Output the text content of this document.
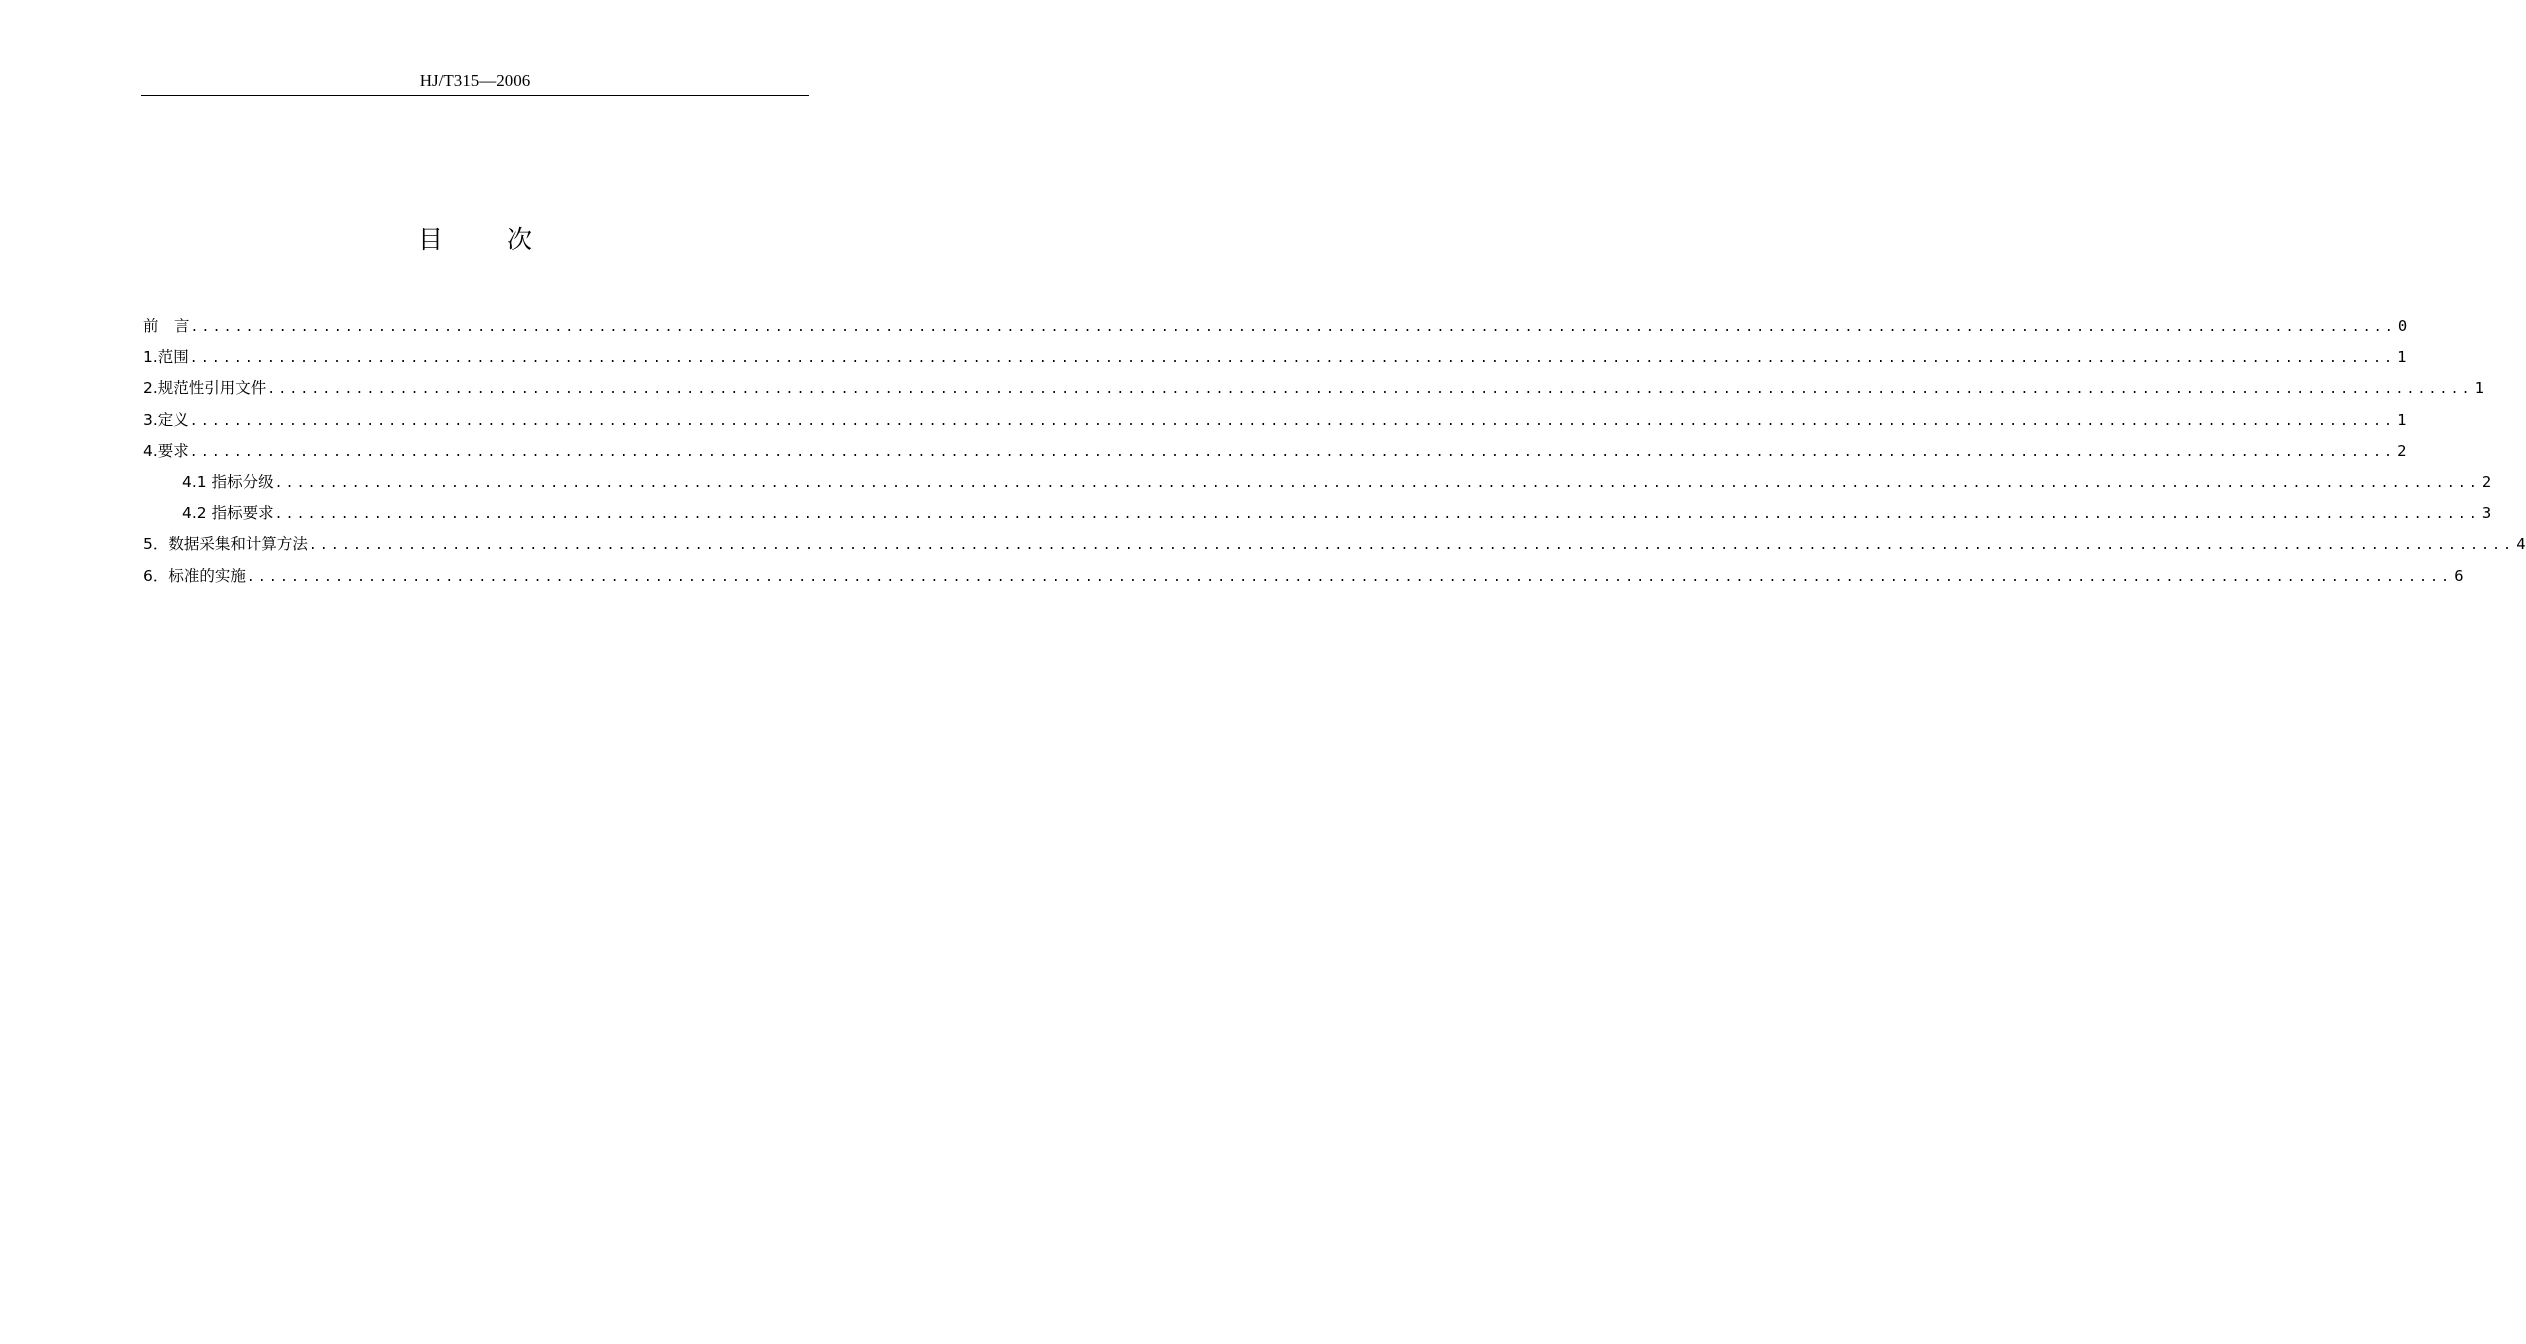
HJ/T315—2006
目 次
前　言 ........................................................................................................................................................................................................ 0
1.范围 ........................................................................................................................................................................................................ 1
2.规范性引用文件 ........................................................................................................................................................................................................ 1
3.定义 ........................................................................................................................................................................................................ 1
4.要求 ........................................................................................................................................................................................................ 2
4.1 指标分级 ........................................................................................................................................................................................................ 2
4.2 指标要求 ........................................................................................................................................................................................................ 3
5．数据采集和计算方法 ........................................................................................................................................................................................................ 4
6．标准的实施 ........................................................................................................................................................................................................ 6
